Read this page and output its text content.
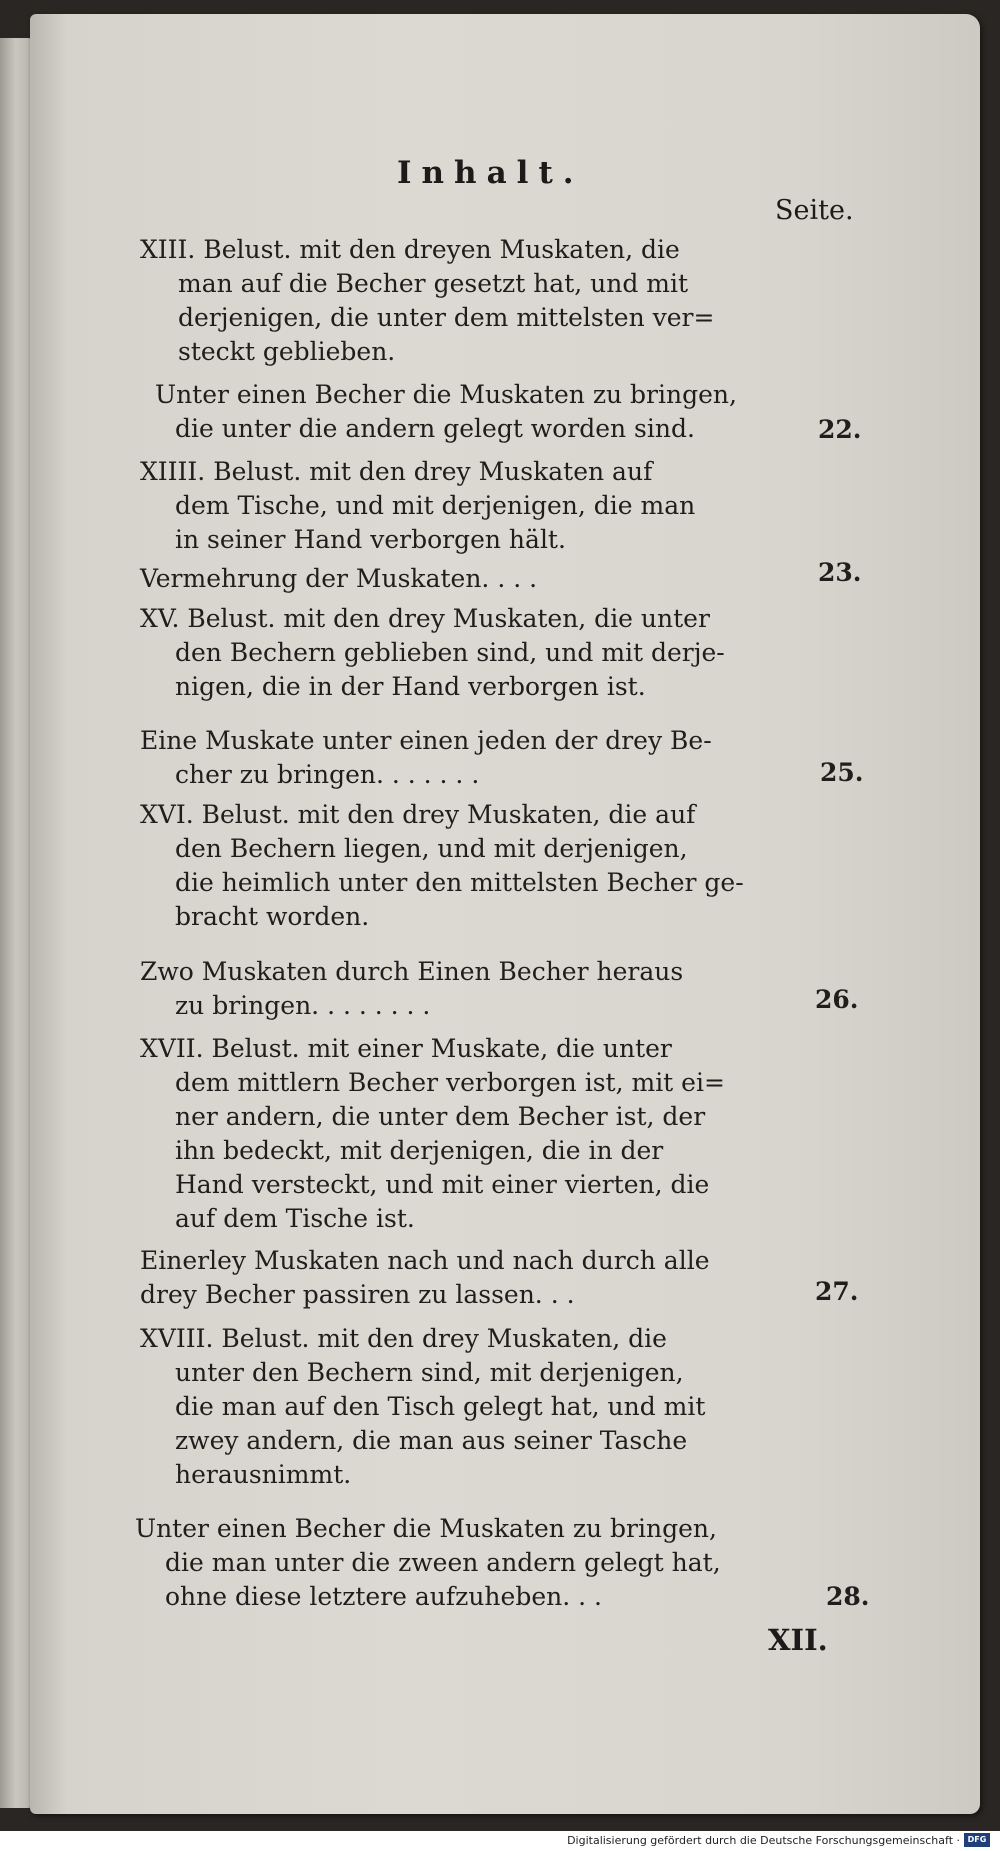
Inhalt.
Seite.
XIII. Belust. mit den dreyen Muskaten, die
man auf die Becher gesetzt hat, und mit
derjenigen, die unter dem mittelsten ver=
steckt geblieben.
Unter einen Becher die Muskaten zu bringen,
die unter die andern gelegt worden sind.
XIIII. Belust. mit den drey Muskaten auf
dem Tische, und mit derjenigen, die man
in seiner Hand verborgen hält.
Vermehrung der Muskaten. . . .
XV. Belust. mit den drey Muskaten, die unter
den Bechern geblieben sind, und mit derje-
nigen, die in der Hand verborgen ist.
Eine Muskate unter einen jeden der drey Be-
cher zu bringen. . . . . . .
XVI. Belust. mit den drey Muskaten, die auf
den Bechern liegen, und mit derjenigen,
die heimlich unter den mittelsten Becher ge-
bracht worden.
Zwo Muskaten durch Einen Becher heraus
zu bringen. . . . . . . .
XVII. Belust. mit einer Muskate, die unter
dem mittlern Becher verborgen ist, mit ei=
ner andern, die unter dem Becher ist, der
ihn bedeckt, mit derjenigen, die in der
Hand versteckt, und mit einer vierten, die
auf dem Tische ist.
Einerley Muskaten nach und nach durch alle
drey Becher passiren zu lassen. . .
XVIII. Belust. mit den drey Muskaten, die
unter den Bechern sind, mit derjenigen,
die man auf den Tisch gelegt hat, und mit
zwey andern, die man aus seiner Tasche
herausnimmt.
Unter einen Becher die Muskaten zu bringen,
die man unter die zween andern gelegt hat,
ohne diese letztere aufzuheben. . .
22.
23.
25.
26.
27.
28.
XII.
Digitalisierung gefördert durch die Deutsche Forschungsgemeinschaft · DFG
